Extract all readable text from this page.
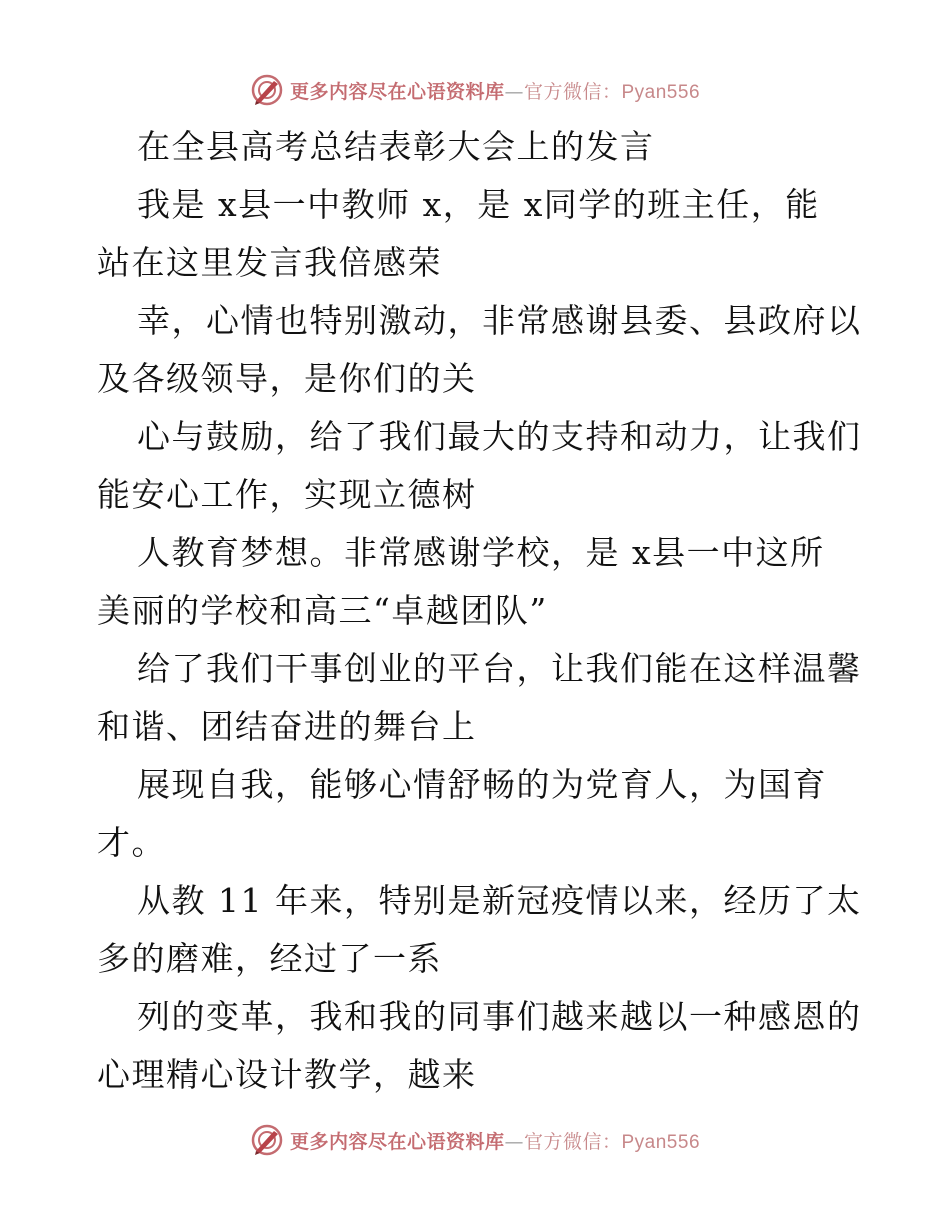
更多内容尽在心语资料库—官方微信：Pyan556
在全县高考总结表彰大会上的发言
我是 x县一中教师 x，是 x同学的班主任，能
站在这里发言我倍感荣
幸，心情也特别激动，非常感谢县委、县政府以
及各级领导，是你们的关
心与鼓励，给了我们最大的支持和动力，让我们
能安心工作，实现立德树
人教育梦想。非常感谢学校，是 x县一中这所
美丽的学校和高三“卓越团队”
给了我们干事创业的平台，让我们能在这样温馨
和谐、团结奋进的舞台上
展现自我，能够心情舒畅的为党育人，为国育
才。
从教 11 年来，特别是新冠疫情以来，经历了太
多的磨难，经过了一系
列的变革，我和我的同事们越来越以一种感恩的
心理精心设计教学，越来
更多内容尽在心语资料库—官方微信：Pyan556
